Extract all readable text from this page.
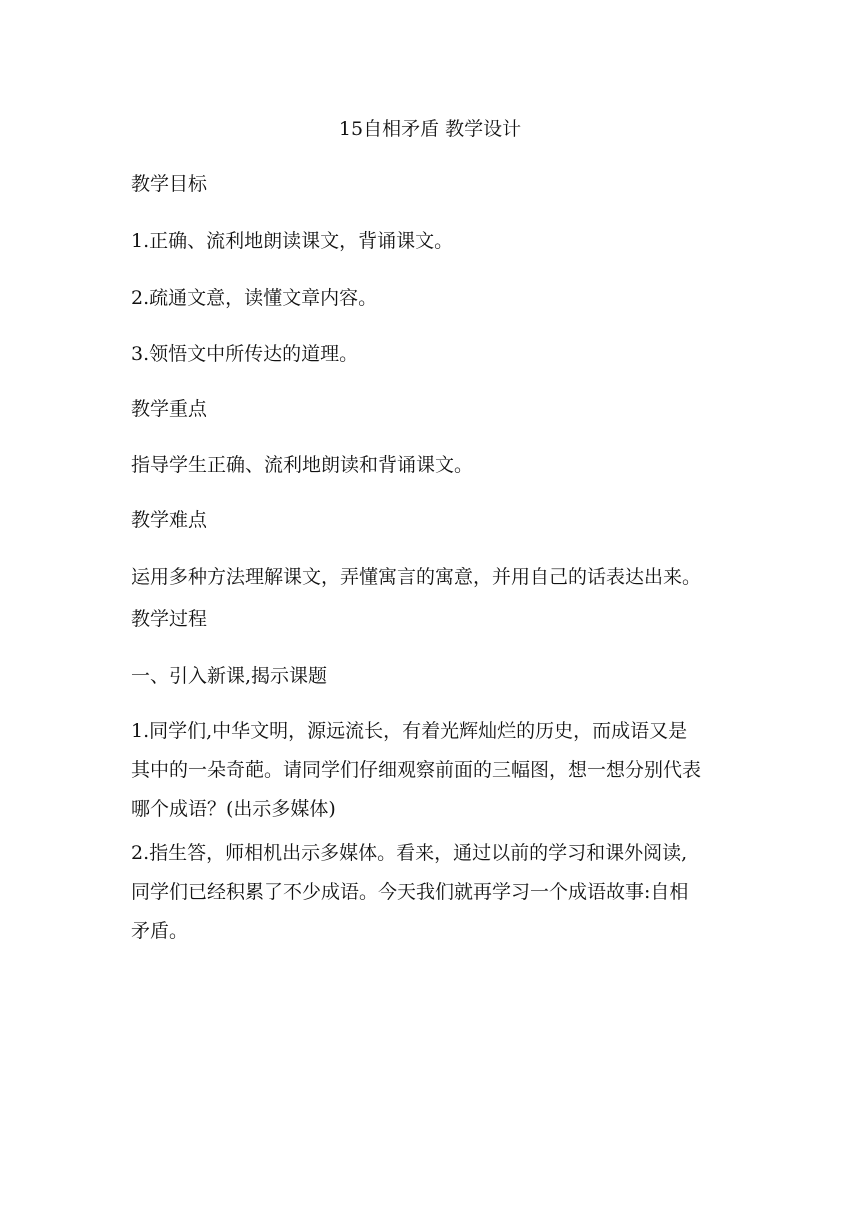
15自相矛盾 教学设计
教学目标
1.正确、流利地朗读课文，背诵课文。
2.疏通文意，读懂文章内容。
3.领悟文中所传达的道理。
教学重点
指导学生正确、流利地朗读和背诵课文。
教学难点
运用多种方法理解课文，弄懂寓言的寓意，并用自己的话表达出来。
教学过程
一、引入新课,揭示课题
1.同学们,中华文明，源远流长，有着光辉灿烂的历史，而成语又是
其中的一朵奇葩。请同学们仔细观察前面的三幅图，想一想分别代表
哪个成语？(出示多媒体)
2.指生答，师相机出示多媒体。看来，通过以前的学习和课外阅读,
同学们已经积累了不少成语。今天我们就再学习一个成语故事:自相
矛盾。
